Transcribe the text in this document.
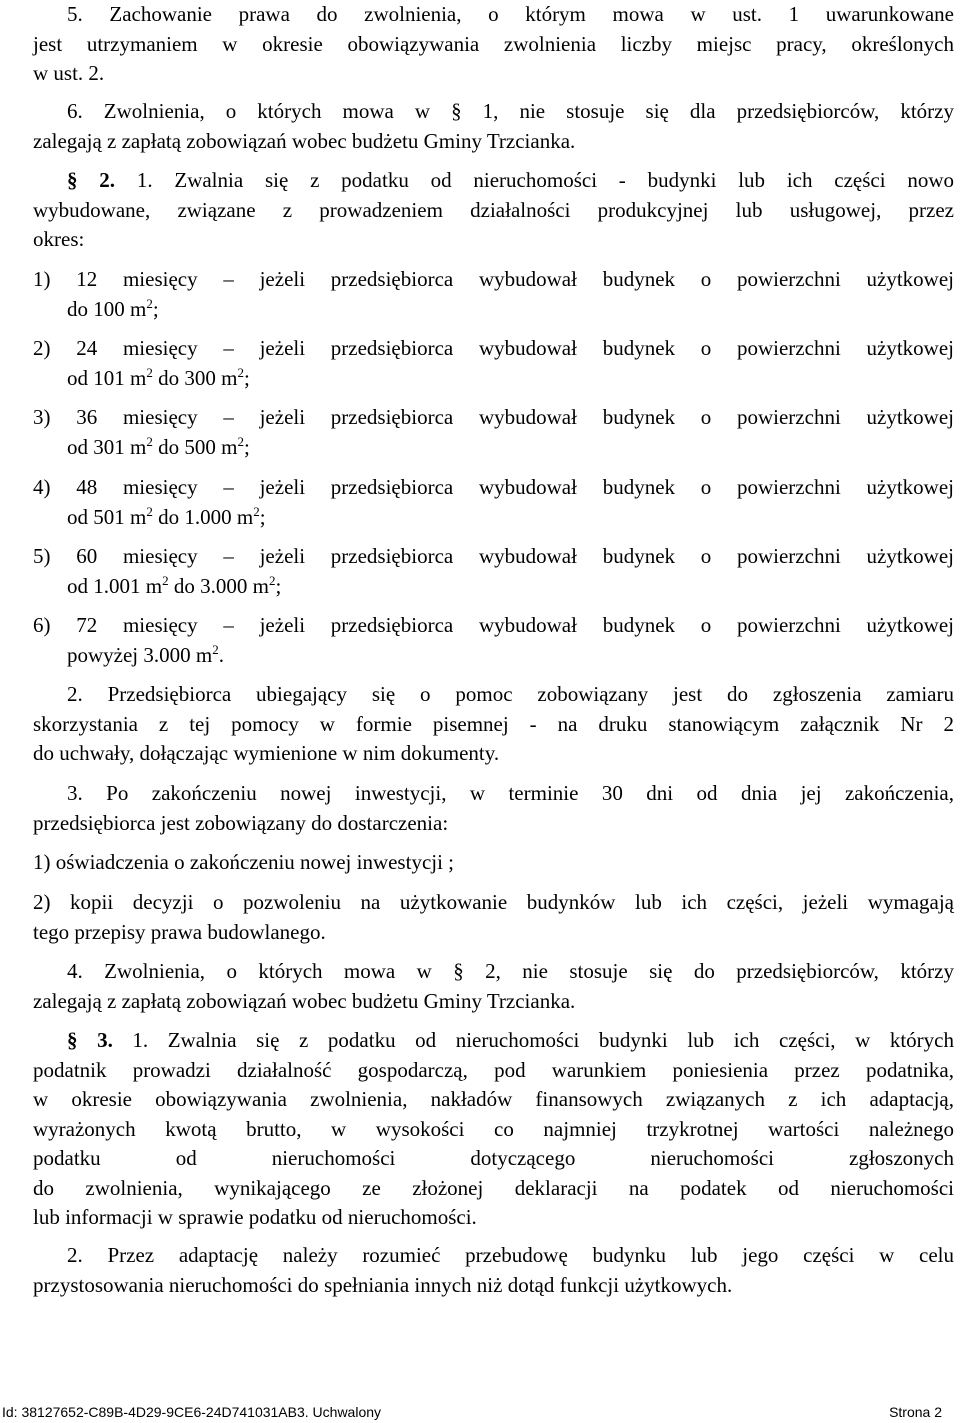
5. Zachowanie prawa do zwolnienia, o którym mowa w ust. 1 uwarunkowane
jest utrzymaniem w okresie obowiązywania zwolnienia liczby miejsc pracy, określonych
w ust. 2.
6. Zwolnienia, o których mowa w § 1, nie stosuje się dla przedsiębiorców, którzy
zalegają z zapłatą zobowiązań wobec budżetu Gminy Trzcianka.
§ 2. 1. Zwalnia się z podatku od nieruchomości - budynki lub ich części nowo
wybudowane, związane z prowadzeniem działalności produkcyjnej lub usługowej, przez
okres:
1) 12 miesięcy – jeżeli przedsiębiorca wybudował budynek o powierzchni użytkowej
do 100 $m^2$;
2) 24 miesięcy – jeżeli przedsiębiorca wybudował budynek o powierzchni użytkowej
od 101 $m^2$ do 300 $m^2$;
3) 36 miesięcy – jeżeli przedsiębiorca wybudował budynek o powierzchni użytkowej
od 301 $m^2$ do 500 $m^2$;
4) 48 miesięcy – jeżeli przedsiębiorca wybudował budynek o powierzchni użytkowej
od 501 $m^2$ do 1.000 $m^2$;
5) 60 miesięcy – jeżeli przedsiębiorca wybudował budynek o powierzchni użytkowej
od 1.001 $m^2$ do 3.000 $m^2$;
6) 72 miesięcy – jeżeli przedsiębiorca wybudował budynek o powierzchni użytkowej
powyżej 3.000 $m^2$.
2. Przedsiębiorca ubiegający się o pomoc zobowiązany jest do zgłoszenia zamiaru
skorzystania z tej pomocy w formie pisemnej - na druku stanowiącym załącznik Nr 2
do uchwały, dołączając wymienione w nim dokumenty.
3. Po zakończeniu nowej inwestycji, w terminie 30 dni od dnia jej zakończenia,
przedsiębiorca jest zobowiązany do dostarczenia:
1) oświadczenia o zakończeniu nowej inwestycji ;
2) kopii decyzji o pozwoleniu na użytkowanie budynków lub ich części, jeżeli wymagają
tego przepisy prawa budowlanego.
4. Zwolnienia, o których mowa w § 2, nie stosuje się do przedsiębiorców, którzy
zalegają z zapłatą zobowiązań wobec budżetu Gminy Trzcianka.
§ 3. 1. Zwalnia się z podatku od nieruchomości budynki lub ich części, w których
podatnik prowadzi działalność gospodarczą, pod warunkiem poniesienia przez podatnika,
w okresie obowiązywania zwolnienia, nakładów finansowych związanych z ich adaptacją,
wyrażonych kwotą brutto, w wysokości co najmniej trzykrotnej wartości należnego
podatku od nieruchomości dotyczącego nieruchomości zgłoszonych
do zwolnienia, wynikającego ze złożonej deklaracji na podatek od nieruchomości
lub informacji w sprawie podatku od nieruchomości.
2. Przez adaptację należy rozumieć przebudowę budynku lub jego części w celu
przystosowania nieruchomości do spełniania innych niż dotąd funkcji użytkowych.
Id: 38127652-C89B-4D29-9CE6-24D741031AB3. Uchwalony	Strona 2
